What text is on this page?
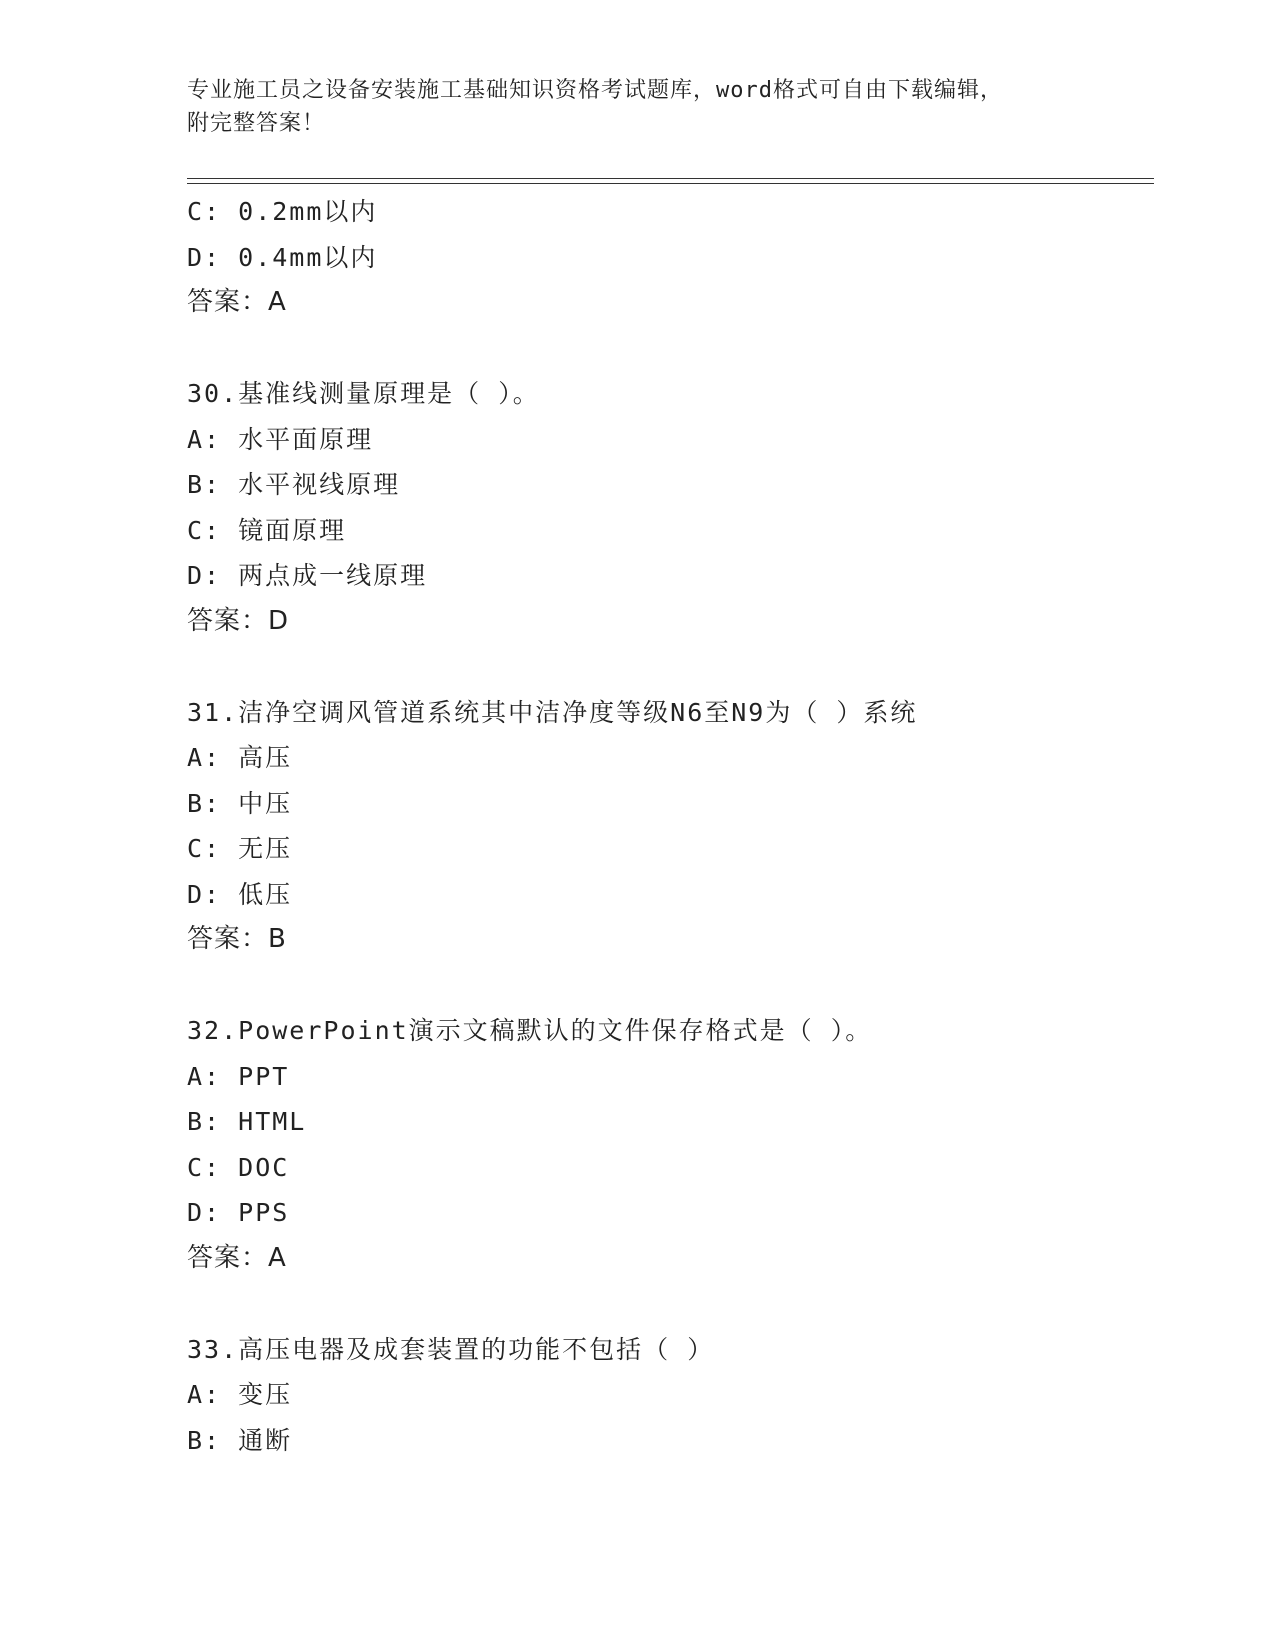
专业施工员之设备安装施工基础知识资格考试题库，word格式可自由下载编辑，
附完整答案！
C: 0.2mm以内
D: 0.4mm以内
答案：A
30.基准线测量原理是（ ）。
A: 水平面原理
B: 水平视线原理
C: 镜面原理
D: 两点成一线原理
答案：D
31.洁净空调风管道系统其中洁净度等级N6至N9为（ ）系统
A: 高压
B: 中压
C: 无压
D: 低压
答案：B
32.PowerPoint演示文稿默认的文件保存格式是（ ）。
A: PPT
B: HTML
C: DOC
D: PPS
答案：A
33.高压电器及成套装置的功能不包括（ ）
A: 变压
B: 通断
